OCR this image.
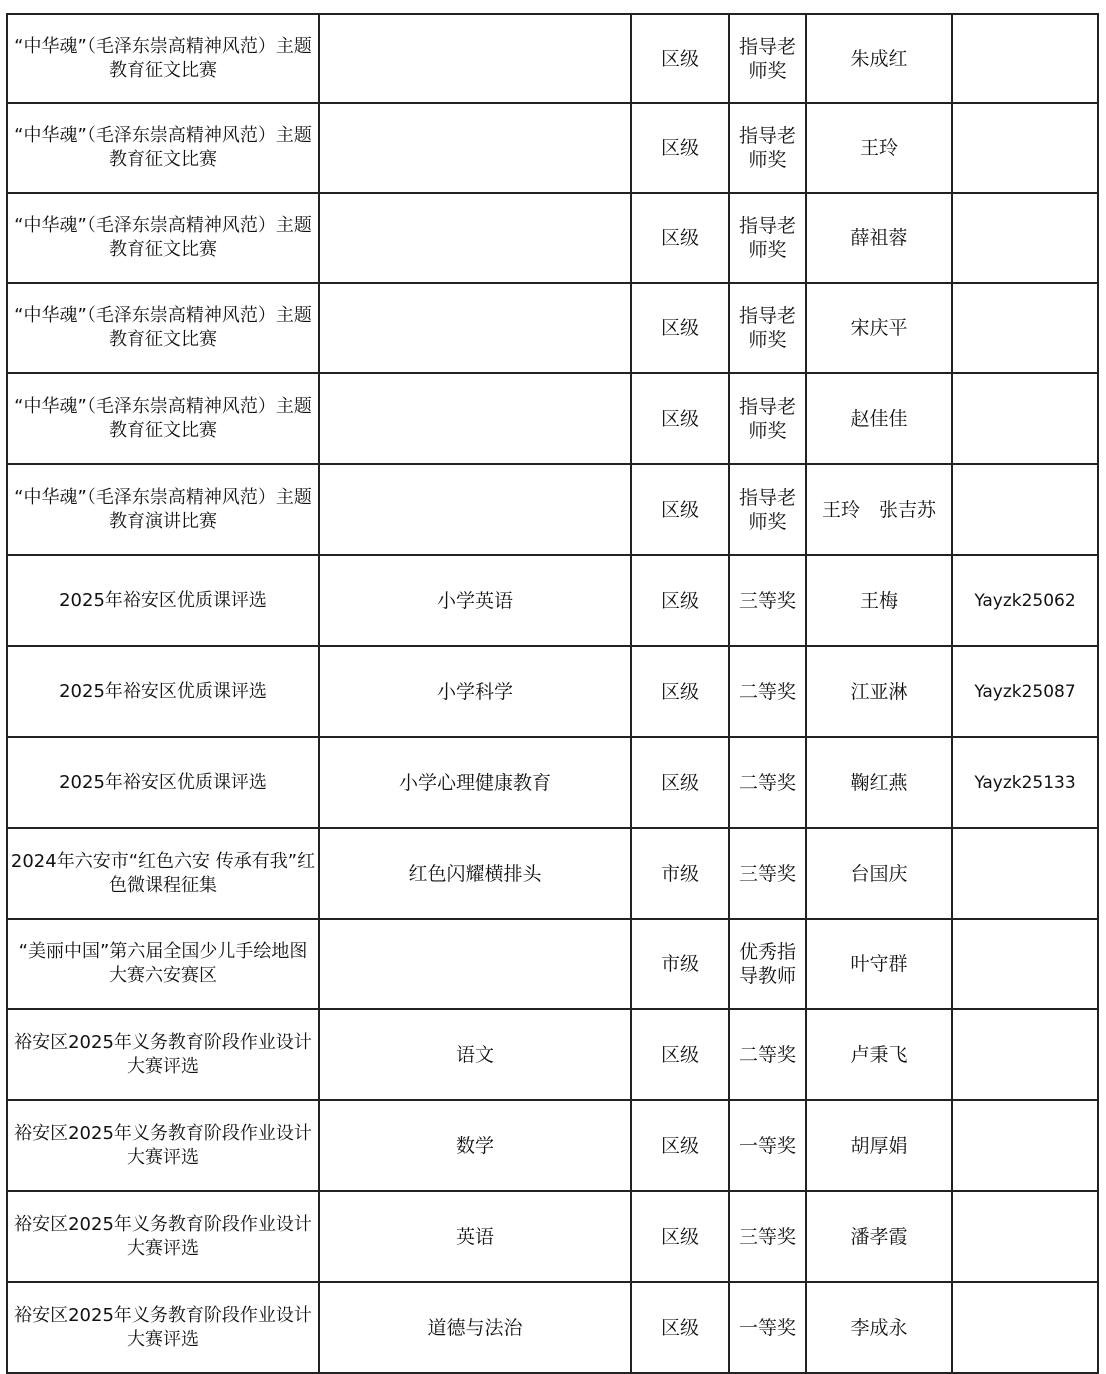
“中华魂”（毛泽东崇高精神风范）主题教育征文比赛		区级	指导老师奖	朱成红	
“中华魂”（毛泽东崇高精神风范）主题教育征文比赛		区级	指导老师奖	王玲	
“中华魂”（毛泽东崇高精神风范）主题教育征文比赛		区级	指导老师奖	薛祖蓉	
“中华魂”（毛泽东崇高精神风范）主题教育征文比赛		区级	指导老师奖	宋庆平	
“中华魂”（毛泽东崇高精神风范）主题教育征文比赛		区级	指导老师奖	赵佳佳	
“中华魂”（毛泽东崇高精神风范）主题教育演讲比赛		区级	指导老师奖	王玲　张吉苏	
2025年裕安区优质课评选	小学英语	区级	三等奖	王梅	Yayzk25062
2025年裕安区优质课评选	小学科学	区级	二等奖	江亚淋	Yayzk25087
2025年裕安区优质课评选	小学心理健康教育	区级	二等奖	鞠红燕	Yayzk25133
2024年六安市“红色六安 传承有我”红色微课程征集	红色闪耀横排头	市级	三等奖	台国庆	
“美丽中国”第六届全国少儿手绘地图大赛六安赛区		市级	优秀指导教师	叶守群	
裕安区2025年义务教育阶段作业设计大赛评选	语文	区级	二等奖	卢秉飞	
裕安区2025年义务教育阶段作业设计大赛评选	数学	区级	一等奖	胡厚娟	
裕安区2025年义务教育阶段作业设计大赛评选	英语	区级	三等奖	潘孝霞	
裕安区2025年义务教育阶段作业设计大赛评选	道德与法治	区级	一等奖	李成永	
